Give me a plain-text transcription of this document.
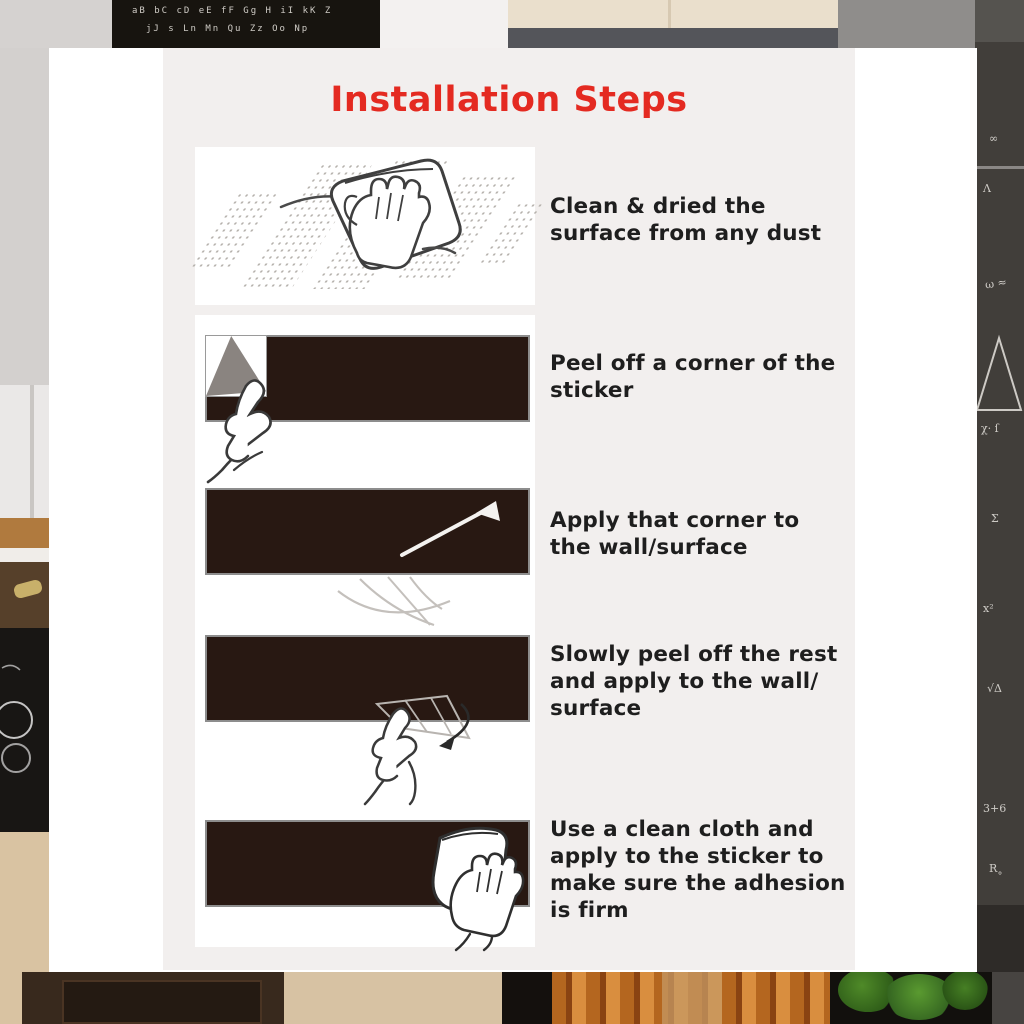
aB bC cD eE fF Gg H iI kK Z
jJ s Ln Mn Qu Zz Oo Np
∞
Λ
ω ≈
χ· ſ
Σ
x²
√Δ
3+6
R˳
Installation Steps
Clean & dried the
surface from any dust
Peel off a corner of the
sticker
Apply that corner to
the wall/surface
Slowly peel off the rest
and apply to the wall/
surface
Use a clean cloth and
apply to the sticker to
make sure the adhesion
is firm
